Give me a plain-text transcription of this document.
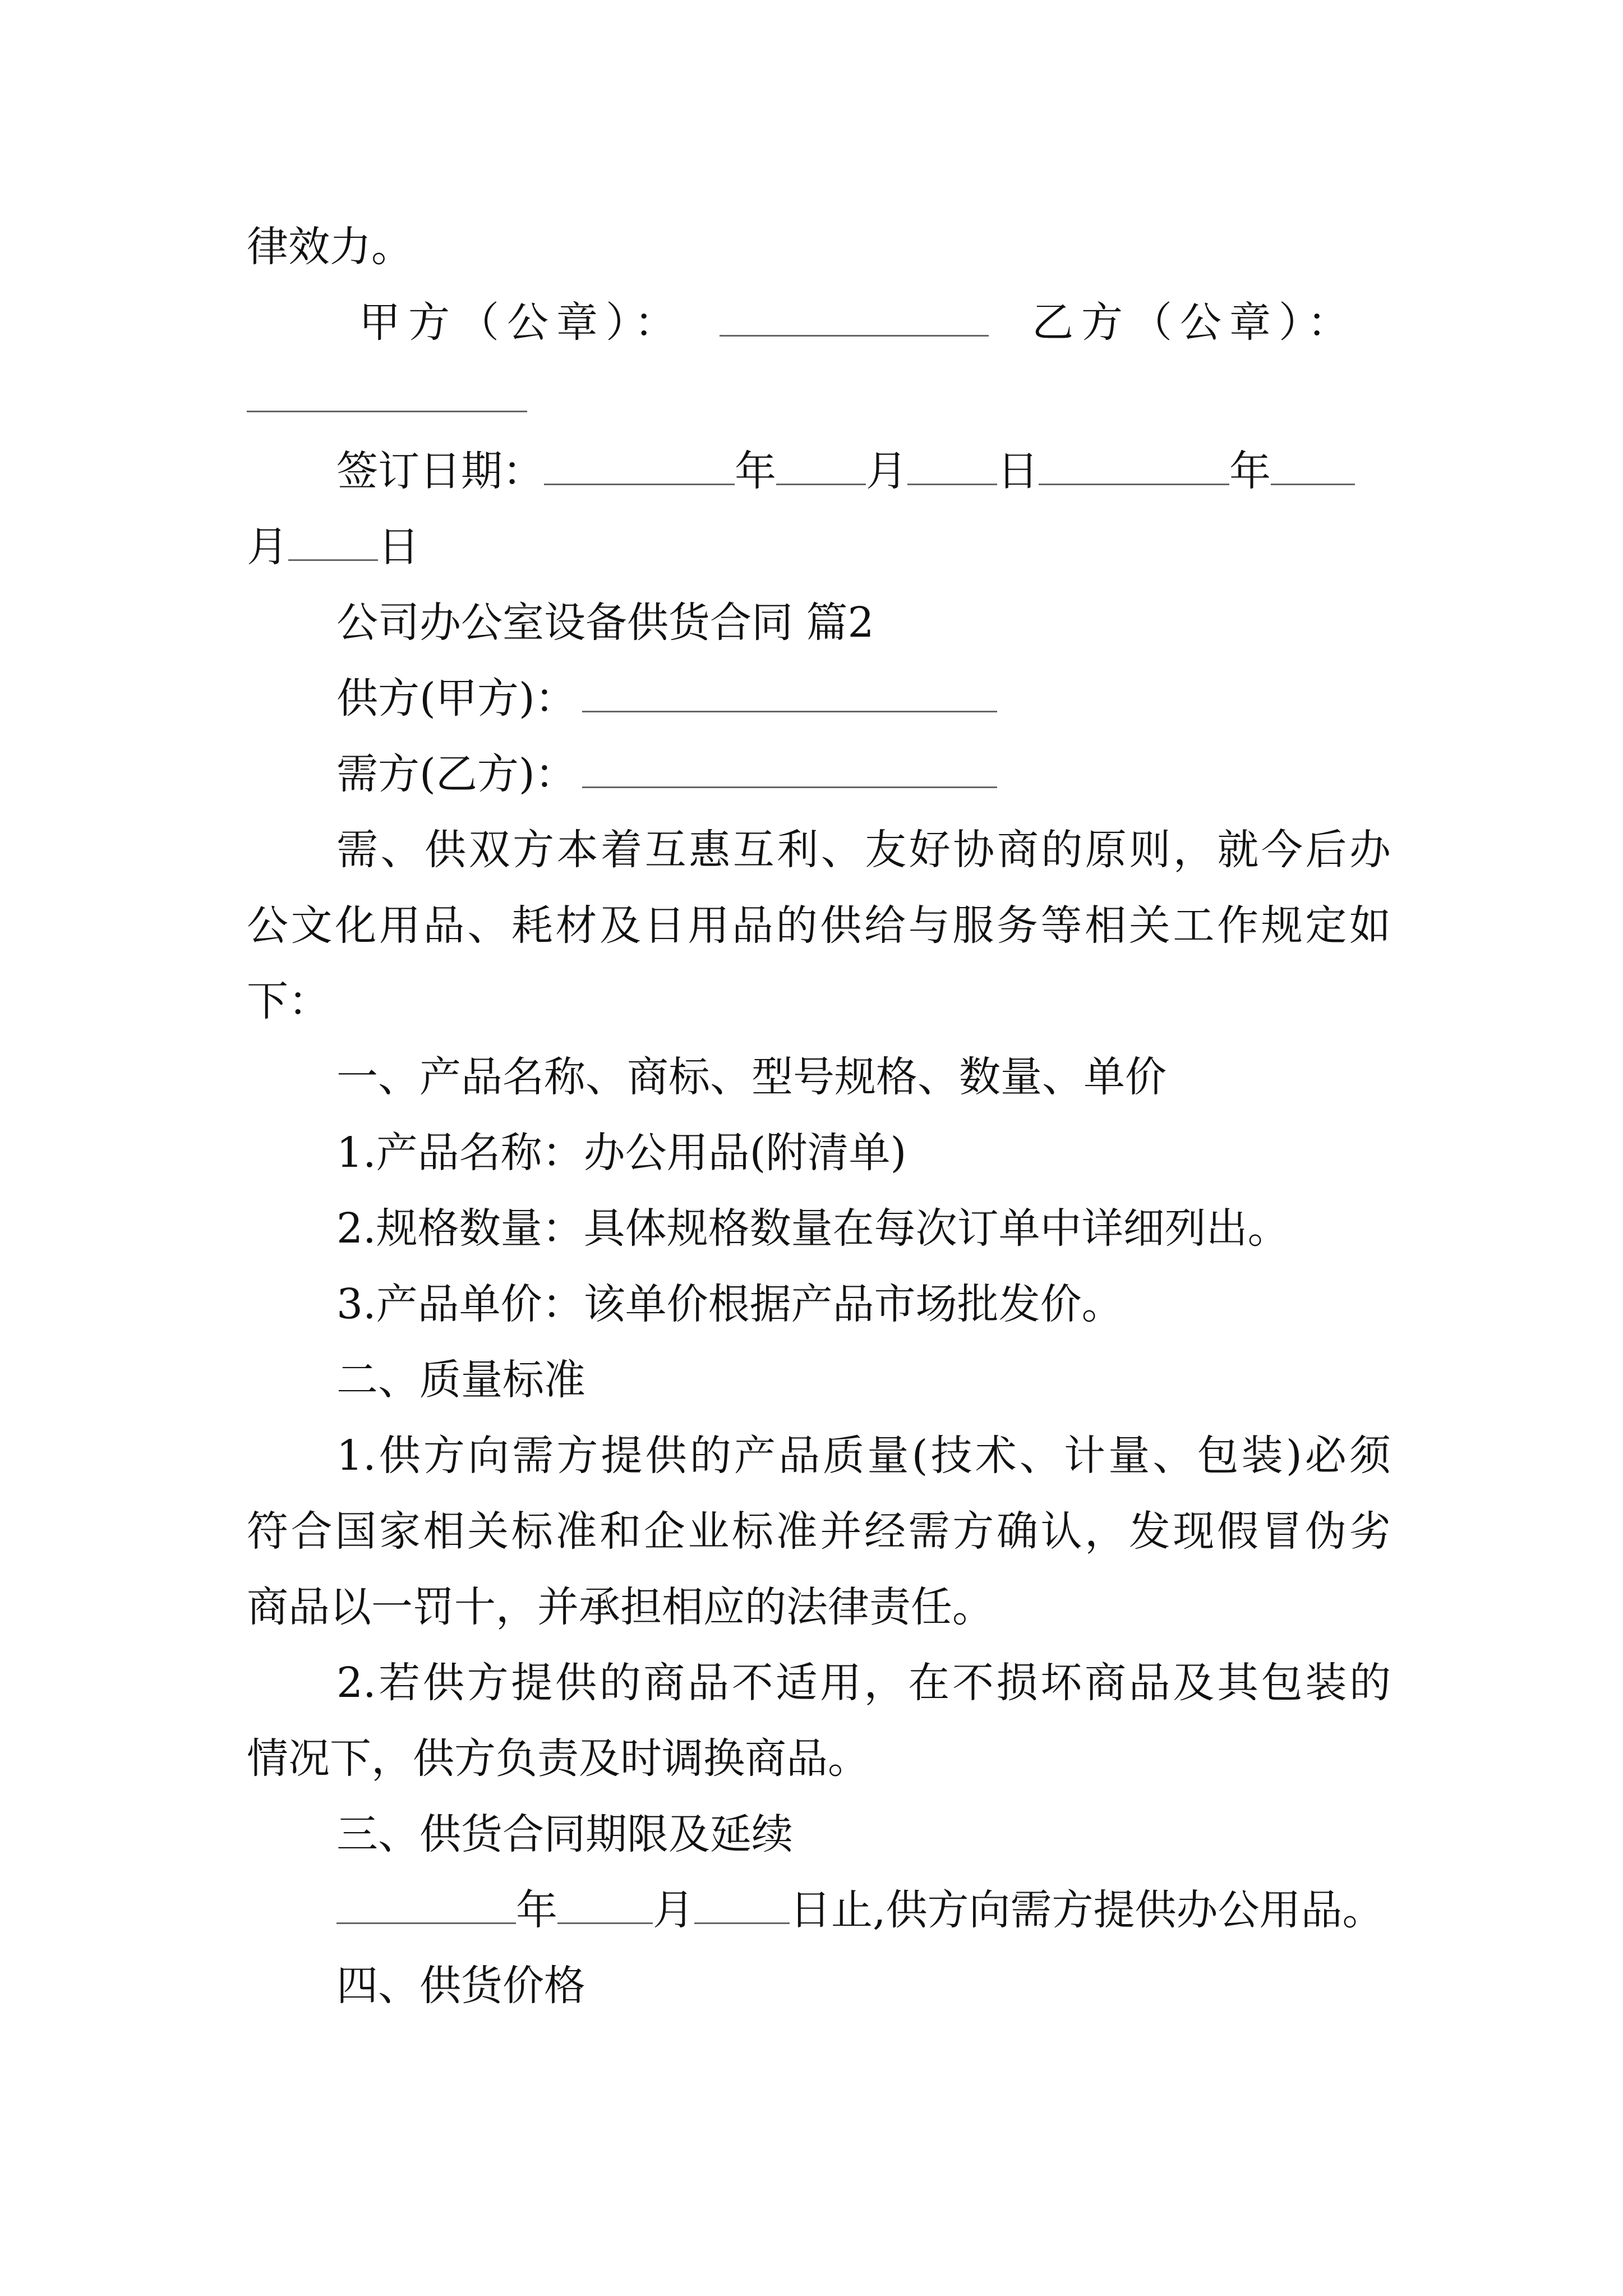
律效力。
甲方（公章）：	乙方（公章）：
签订日期：	年 月 日	年
月 日
公司办公室设备供货合同 篇2
供方(甲方)：
需方(乙方)：
需、供双方本着互惠互利、友好协商的原则，就今后办
公文化用品、耗材及日用品的供给与服务等相关工作规定如
下：
一、产品名称、商标、型号规格、数量、单价
1.产品名称：办公用品(附清单)
2.规格数量：具体规格数量在每次订单中详细列出。
3.产品单价：该单价根据产品市场批发价。
二、质量标准
1.供方向需方提供的产品质量(技术、计量、包装)必须
符合国家相关标准和企业标准并经需方确认，发现假冒伪劣
商品以一罚十，并承担相应的法律责任。
2.若供方提供的商品不适用，在不损坏商品及其包装的
情况下，供方负责及时调换商品。
三、供货合同期限及延续
年 月 日止,供方向需方提供办公用品。
四、供货价格
